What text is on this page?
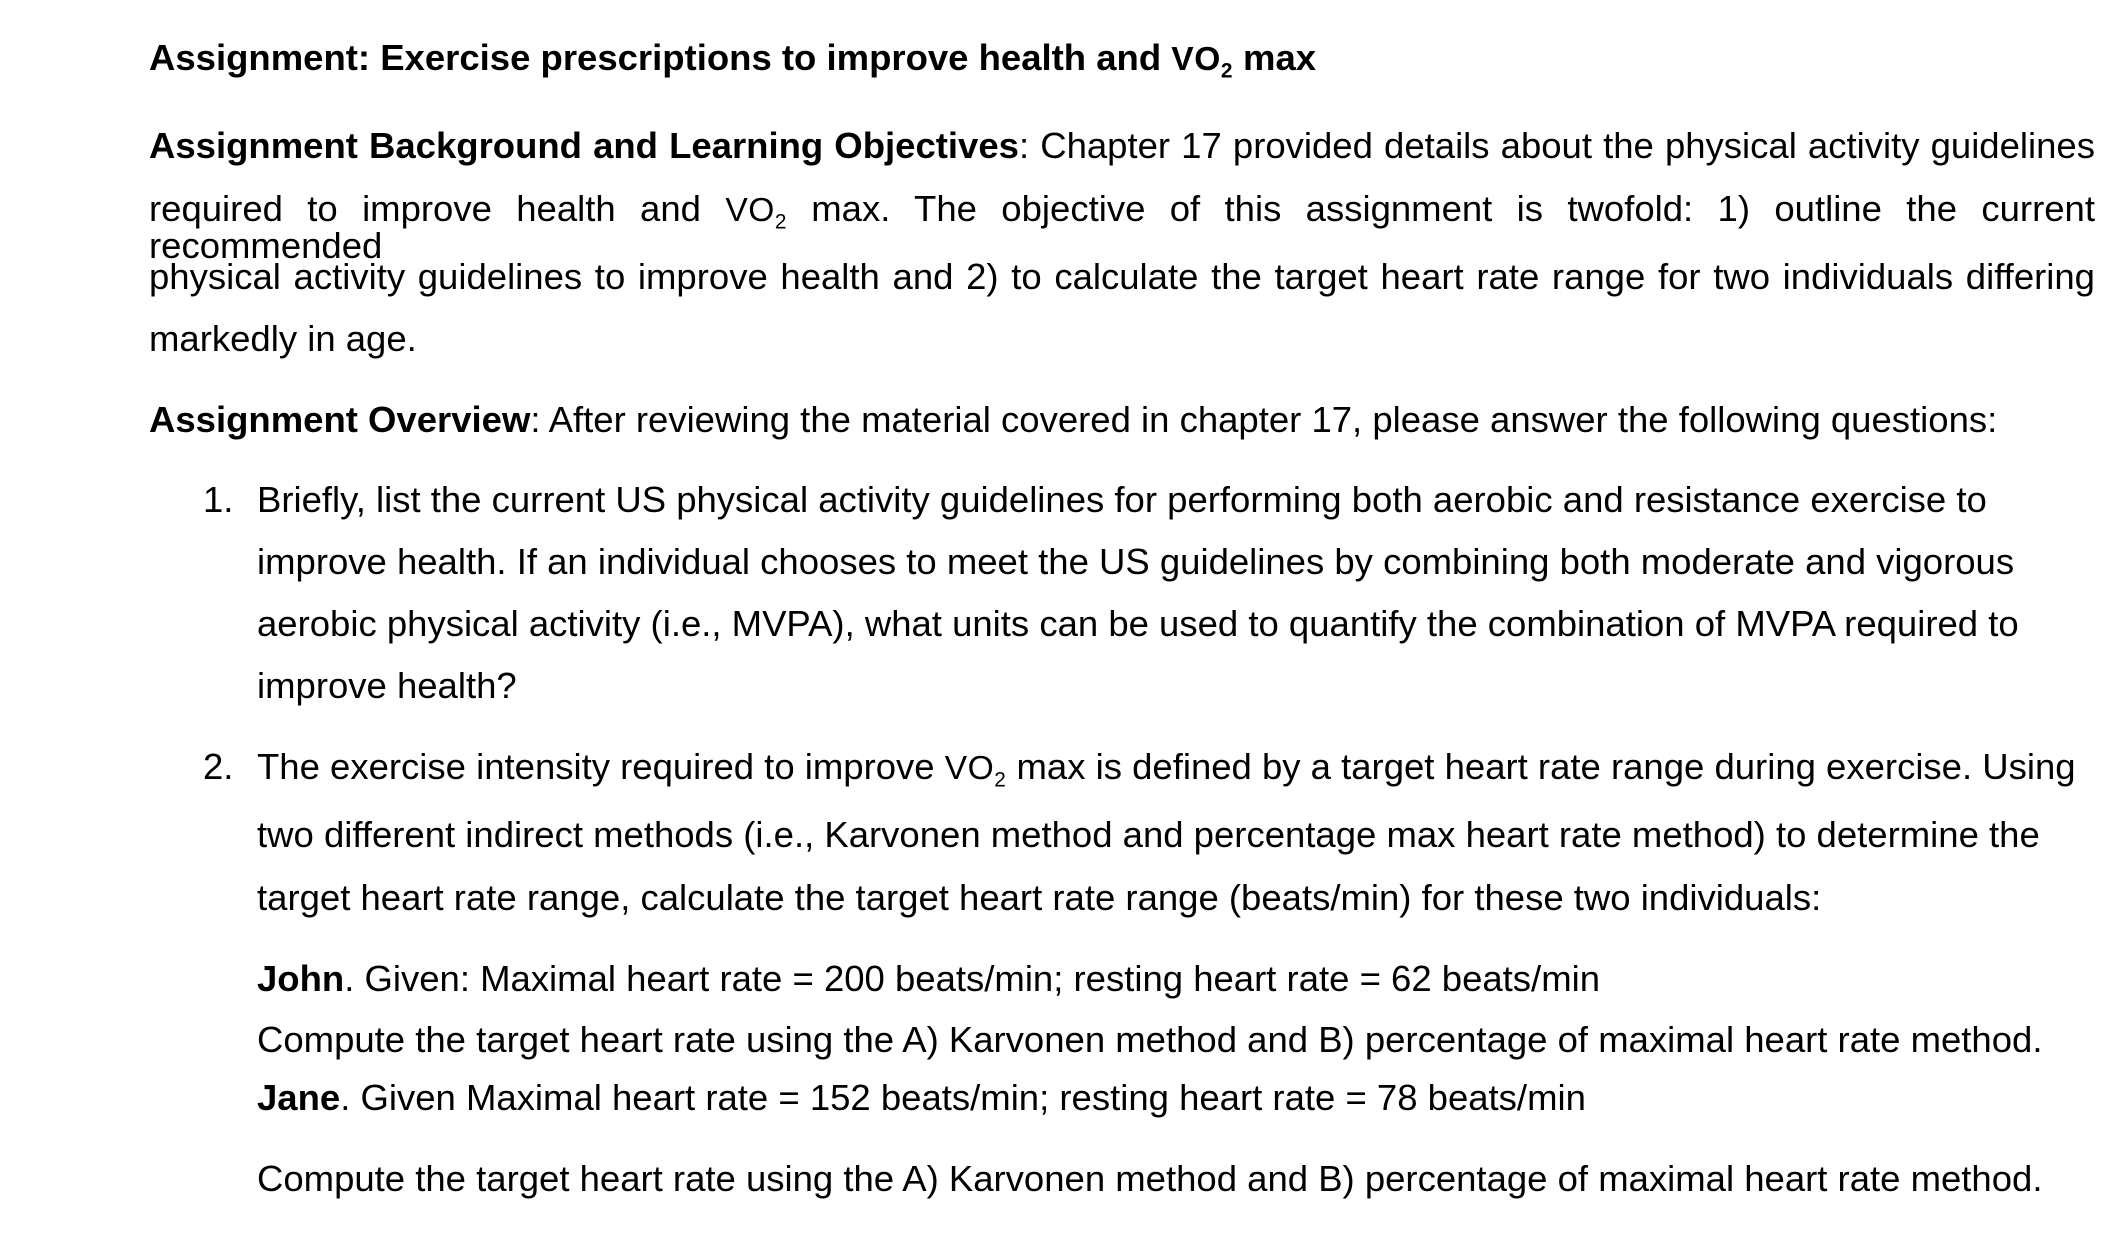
Assignment: Exercise prescriptions to improve health and $VO_2$ max
Assignment Background and Learning Objectives: Chapter 17 provided details about the physical activity guidelines
required to improve health and $VO_2$ max. The objective of this assignment is twofold: 1) outline the current recommended
physical activity guidelines to improve health and 2) to calculate the target heart rate range for two individuals differing
markedly in age.
Assignment Overview: After reviewing the material covered in chapter 17, please answer the following questions:
1. Briefly, list the current US physical activity guidelines for performing both aerobic and resistance exercise to
improve health. If an individual chooses to meet the US guidelines by combining both moderate and vigorous
aerobic physical activity (i.e., MVPA), what units can be used to quantify the combination of MVPA required to
improve health?
2. The exercise intensity required to improve $VO_2$ max is defined by a target heart rate range during exercise. Using
two different indirect methods (i.e., Karvonen method and percentage max heart rate method) to determine the
target heart rate range, calculate the target heart rate range (beats/min) for these two individuals:
John. Given: Maximal heart rate = 200 beats/min; resting heart rate = 62 beats/min
Compute the target heart rate using the A) Karvonen method and B) percentage of maximal heart rate method.
Jane. Given Maximal heart rate = 152 beats/min; resting heart rate = 78 beats/min
Compute the target heart rate using the A) Karvonen method and B) percentage of maximal heart rate method.
